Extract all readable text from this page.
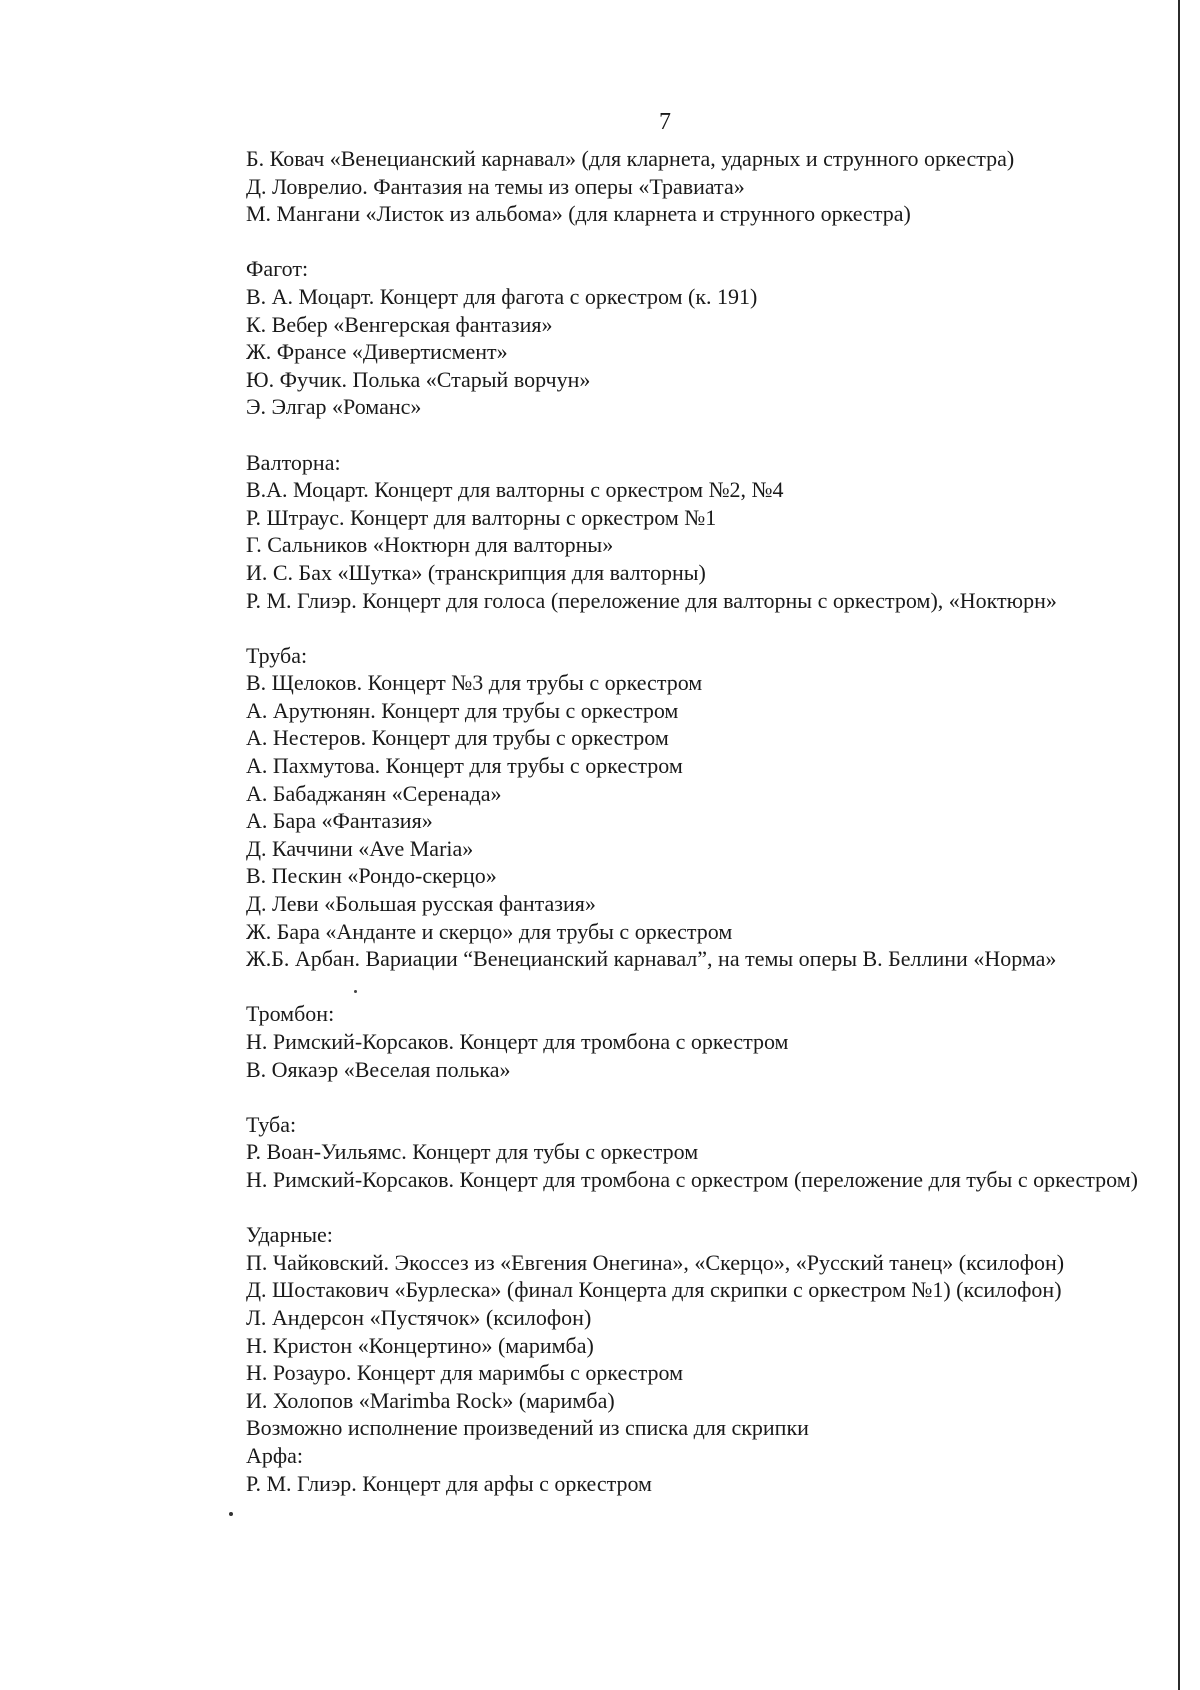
7
Б. Ковач «Венецианский карнавал» (для кларнета, ударных и струнного оркестра)
Д. Ловрелио. Фантазия на темы из оперы «Травиата»
М. Мангани «Листок из альбома» (для кларнета и струнного оркестра)
Фагот:
В. А. Моцарт. Концерт для фагота с оркестром (к. 191)
К. Вебер «Венгерская фантазия»
Ж. Франсе «Дивертисмент»
Ю. Фучик. Полька «Старый ворчун»
Э. Элгар «Романс»
Валторна:
В.А. Моцарт. Концерт для валторны с оркестром №2, №4
Р. Штраус. Концерт для валторны с оркестром №1
Г. Сальников «Ноктюрн для валторны»
И. С. Бах «Шутка» (транскрипция для валторны)
Р. М. Глиэр. Концерт для голоса (переложение для валторны с оркестром), «Ноктюрн»
Труба:
В. Щелоков. Концерт №3 для трубы с оркестром
А. Арутюнян. Концерт для трубы с оркестром
А. Нестеров. Концерт для трубы с оркестром
А. Пахмутова. Концерт для трубы с оркестром
А. Бабаджанян «Серенада»
А. Бара «Фантазия»
Д. Каччини «Ave Maria»
В. Пескин «Рондо-скерцо»
Д. Леви «Большая русская фантазия»
Ж. Бара «Анданте и скерцо» для трубы с оркестром
Ж.Б. Арбан. Вариации “Венецианский карнавал”, на темы оперы В. Беллини «Норма»
Тромбон:
Н. Римский-Корсаков. Концерт для тромбона с оркестром
В. Оякаэр «Веселая полька»
Туба:
Р. Воан-Уильямс. Концерт для тубы с оркестром
Н. Римский-Корсаков. Концерт для тромбона с оркестром (переложение для тубы с оркестром)
Ударные:
П. Чайковский. Экоссез из «Евгения Онегина», «Скерцо», «Русский танец» (ксилофон)
Д. Шостакович «Бурлеска» (финал Концерта для скрипки с оркестром №1) (ксилофон)
Л. Андерсон «Пустячок» (ксилофон)
Н. Кристон «Концертино» (маримба)
Н. Розауро. Концерт для маримбы с оркестром
И. Холопов «Marimba Rock» (маримба)
Возможно исполнение произведений из списка для скрипки
Арфа:
Р. М. Глиэр. Концерт для арфы с оркестром
